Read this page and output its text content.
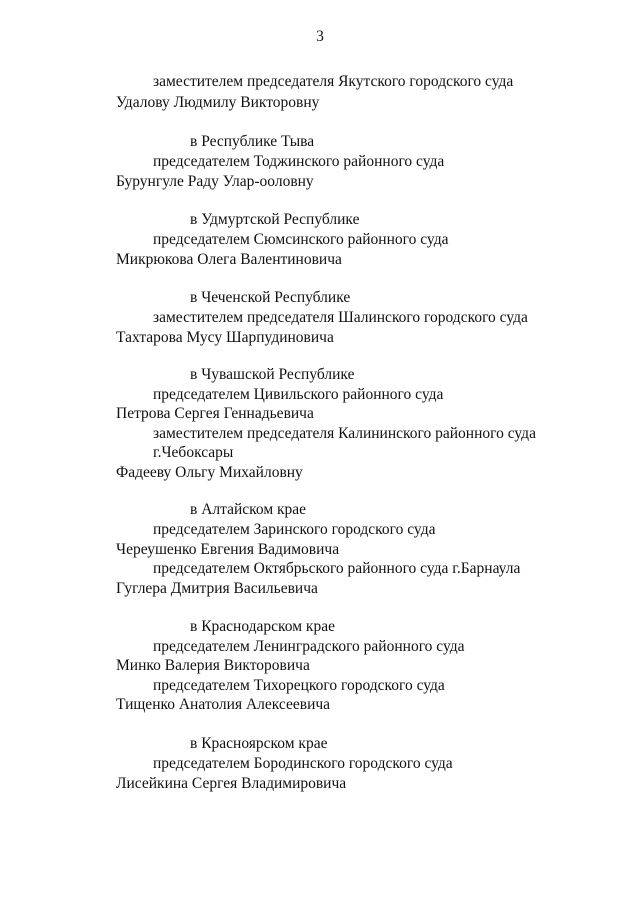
3
заместителем председателя Якутского городского суда
Удалову Людмилу Викторовну
в Республике Тыва
председателем Тоджинского районного суда
Бурунгуле Раду Улар-ооловну
в Удмуртской Республике
председателем Сюмсинского районного суда
Микрюкова Олега Валентиновича
в Чеченской Республике
заместителем председателя Шалинского городского суда
Тахтарова Мусу Шарпудиновича
в Чувашской Республике
председателем Цивильского районного суда
Петрова Сергея Геннадьевича
заместителем председателя Калининского районного суда
г.Чебоксары
Фадееву Ольгу Михайловну
в Алтайском крае
председателем Заринского городского суда
Череушенко Евгения Вадимовича
председателем Октябрьского районного суда г.Барнаула
Гуглера Дмитрия Васильевича
в Краснодарском крае
председателем Ленинградского районного суда
Минко Валерия Викторовича
председателем Тихорецкого городского суда
Тищенко Анатолия Алексеевича
в Красноярском крае
председателем Бородинского городского суда
Лисейкина Сергея Владимировича
